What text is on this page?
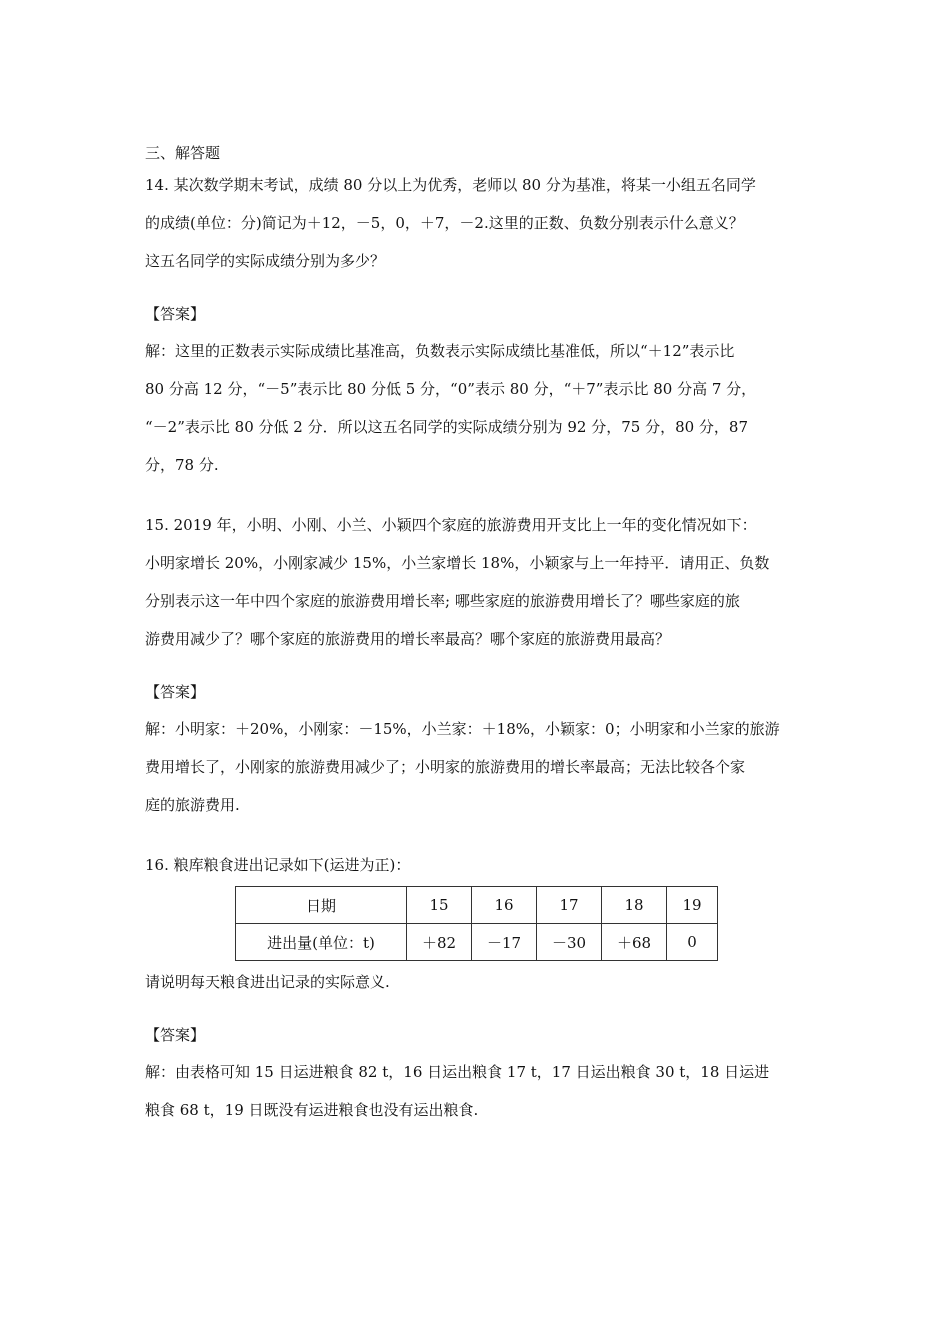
三、解答题

14. 某次数学期末考试，成绩 80 分以上为优秀，老师以 80 分为基准，将某一小组五名同学

的成绩(单位：分)简记为＋12，－5，0，＋7，－2.这里的正数、负数分别表示什么意义？

这五名同学的实际成绩分别为多少？

【答案】

解：这里的正数表示实际成绩比基准高，负数表示实际成绩比基准低，所以“＋12”表示比

80 分高 12 分，“－5”表示比 80 分低 5 分，“0”表示 80 分，“＋7”表示比 80 分高 7 分，

“－2”表示比 80 分低 2 分．所以这五名同学的实际成绩分别为 92 分，75 分，80 分，87

分，78 分.

15. 2019 年，小明、小刚、小兰、小颖四个家庭的旅游费用开支比上一年的变化情况如下：

小明家增长 20%，小刚家减少 15%，小兰家增长 18%，小颖家与上一年持平．请用正、负数

分别表示这一年中四个家庭的旅游费用增长率; 哪些家庭的旅游费用增长了？哪些家庭的旅

游费用减少了？哪个家庭的旅游费用的增长率最高？哪个家庭的旅游费用最高？

【答案】

解：小明家：＋20%，小刚家：－15%，小兰家：＋18%，小颖家：0；小明家和小兰家的旅游

费用增长了，小刚家的旅游费用减少了；小明家的旅游费用的增长率最高；无法比较各个家

庭的旅游费用.

16. 粮库粮食进出记录如下(运进为正)：

日期	15	16	17	18	19
进出量(单位：t)	＋82	－17	－30	＋68	0

请说明每天粮食进出记录的实际意义.

【答案】

解：由表格可知 15 日运进粮食 82 t，16 日运出粮食 17 t，17 日运出粮食 30 t，18 日运进

粮食 68 t，19 日既没有运进粮食也没有运出粮食.
